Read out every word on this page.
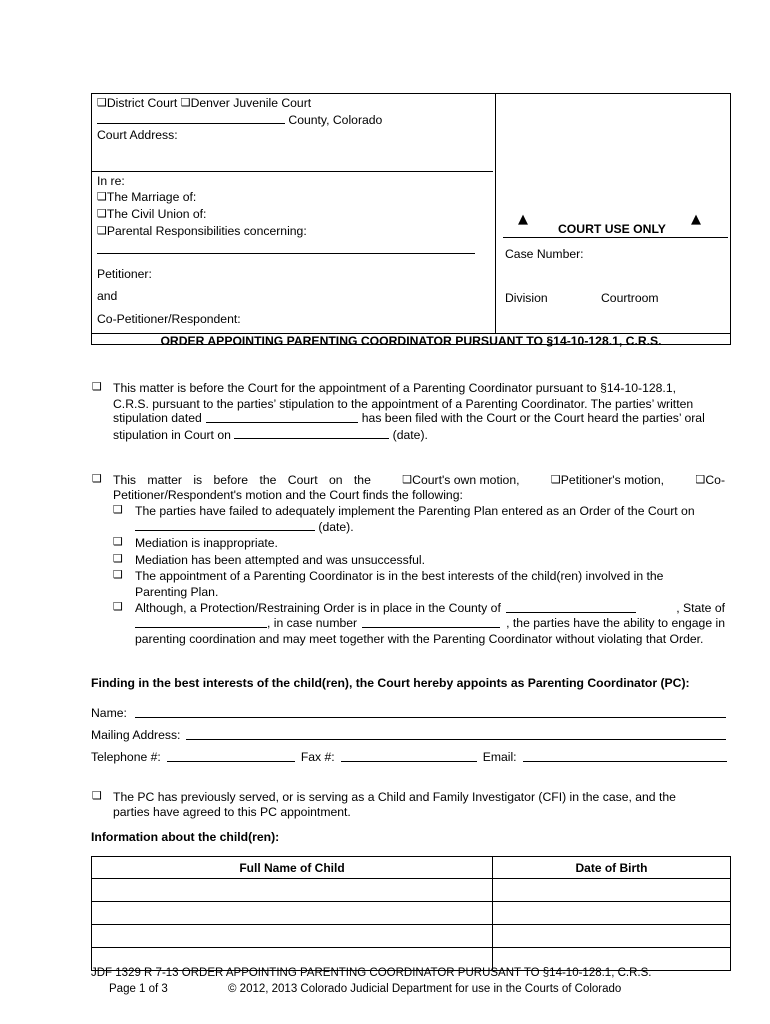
❑District Court ❑Denver Juvenile Court
County, Colorado
Court Address:
In re:
❑The Marriage of:
❑The Civil Union of:
❑Parental Responsibilities concerning:
Petitioner:
and
Co-Petitioner/Respondent:
▲
COURT USE ONLY
▲
Case Number:
Division	Courtroom
ORDER APPOINTING PARENTING COORDINATOR PURSUANT TO §14-10-128.1, C.R.S.
❑ This matter is before the Court for the appointment of a Parenting Coordinator pursuant to §14-10-128.1,
C.R.S. pursuant to the parties’ stipulation to the appointment of a Parenting Coordinator. The parties’ written
stipulation dated	has been filed with the Court or the Court heard the parties’ oral
stipulation in Court on	(date).
❑ This matter is before the Court on the	❑Court's own motion,	❑Petitioner's motion,	❑Co-
Petitioner/Respondent's motion and the Court finds the following:
❑ The parties have failed to adequately implement the Parenting Plan entered as an Order of the Court on
(date).
❑ Mediation is inappropriate.
❑ Mediation has been attempted and was unsuccessful.
❑ The appointment of a Parenting Coordinator is in the best interests of the child(ren) involved in the
Parenting Plan.
❑ Although, a Protection/Restraining Order is in place in the County of	, State of
, in case number	, the parties have the ability to engage in
parenting coordination and may meet together with the Parenting Coordinator without violating that Order.
Finding in the best interests of the child(ren), the Court hereby appoints as Parenting Coordinator (PC):
Name:
Mailing Address:
Telephone #:	Fax #:	Email:
❑ The PC has previously served, or is serving as a Child and Family Investigator (CFI) in the case, and the
parties have agreed to this PC appointment.
Information about the child(ren):
Full Name of Child	Date of Birth

JDF 1329 R 7-13 ORDER APPOINTING PARENTING COORDINATOR PURUSANT TO §14-10-128.1, C.R.S.
Page 1 of 3	© 2012, 2013 Colorado Judicial Department for use in the Courts of Colorado
